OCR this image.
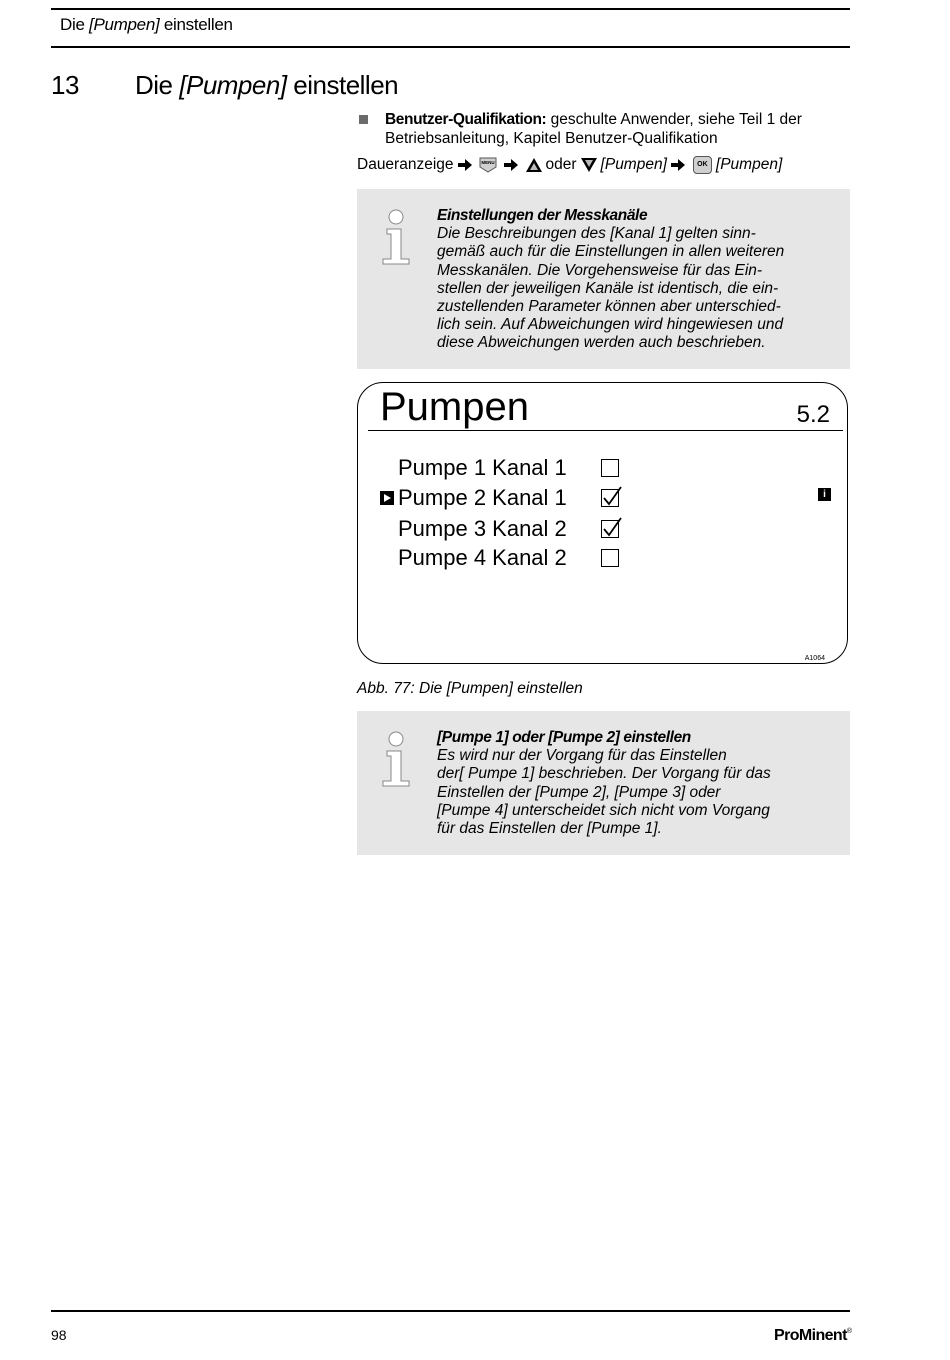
Die [Pumpen] einstellen
13 Die [Pumpen] einstellen
Benutzer-Qualifikation: geschulte Anwender, siehe Teil 1 der Betriebsanleitung, Kapitel Benutzer-Qualifikation
Daueranzeige	MENU	oder [Pumpen]	OK [Pumpen]
Einstellungen der Messkanäle
Die Beschreibungen des [Kanal 1] gelten sinn-
gemäß auch für die Einstellungen in allen weiteren
Messkanälen. Die Vorgehensweise für das Ein-
stellen der jeweiligen Kanäle ist identisch, die ein-
zustellenden Parameter können aber unterschied-
lich sein. Auf Abweichungen wird hingewiesen und
diese Abweichungen werden auch beschrieben.
Pumpen	5.2
Pumpe 1 Kanal 1
Pumpe 2 Kanal 1
Pumpe 3 Kanal 2
Pumpe 4 Kanal 2
i
A1064
Abb. 77: Die [Pumpen] einstellen
[Pumpe 1] oder [Pumpe 2] einstellen
Es wird nur der Vorgang für das Einstellen
der[ Pumpe 1] beschrieben. Der Vorgang für das
Einstellen der [Pumpe 2], [Pumpe 3] oder
[Pumpe 4] unterscheidet sich nicht vom Vorgang
für das Einstellen der [Pumpe 1].
98	ProMinent®
